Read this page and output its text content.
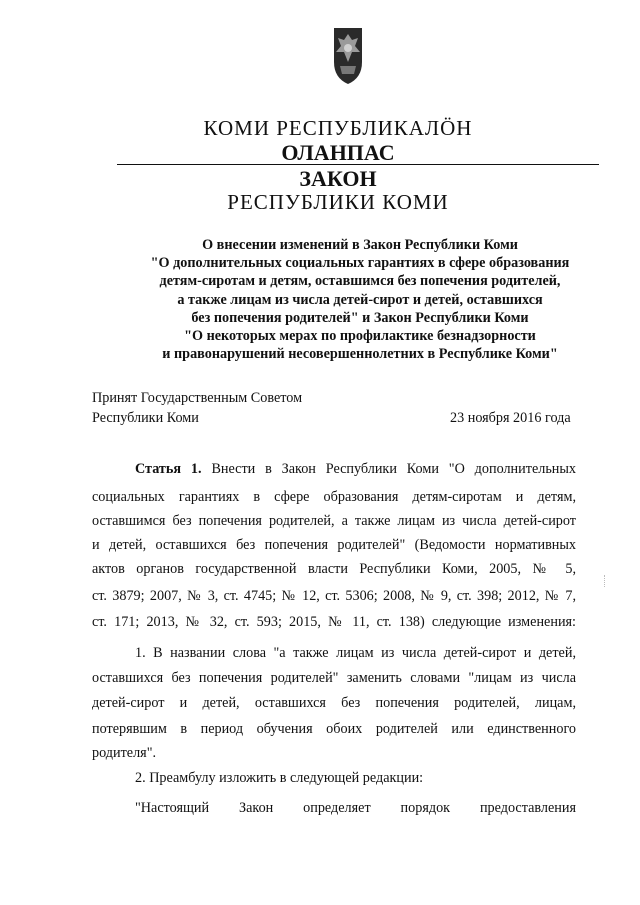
КОМИ РЕСПУБЛИКАЛӦН
ОЛАНПАС
ЗАКОН
РЕСПУБЛИКИ КОМИ
О внесении изменений в Закон Республики Коми
"О дополнительных социальных гарантиях в сфере образования
детям-сиротам и детям, оставшимся без попечения родителей,
а также лицам из числа детей-сирот и детей, оставшихся
без попечения родителей" и Закон Республики Коми
"О некоторых мерах по профилактике безнадзорности
и правонарушений несовершеннолетних в Республике Коми"
Принят Государственным Советом
Республики Коми	23 ноября 2016 года
Статья 1. Внести в Закон Республики Коми "О дополнительных
социальных гарантиях в сфере образования детям-сиротам и детям,
оставшимся без попечения родителей, а также лицам из числа детей-сирот
и детей, оставшихся без попечения родителей" (Ведомости нормативных
актов органов государственной власти Республики Коми, 2005, № 5,
ст. 3879; 2007, № 3, ст. 4745; № 12, ст. 5306; 2008, № 9, ст. 398; 2012, № 7,
ст. 171; 2013, № 32, ст. 593; 2015, № 11, ст. 138) следующие изменения:
1. В названии слова "а также лицам из числа детей-сирот и детей,
оставшихся без попечения родителей" заменить словами "лицам из числа
детей-сирот и детей, оставшихся без попечения родителей, лицам,
потерявшим в период обучения обоих родителей или единственного
родителя".
2. Преамбулу изложить в следующей редакции:
"Настоящий Закон определяет порядок предоставления
